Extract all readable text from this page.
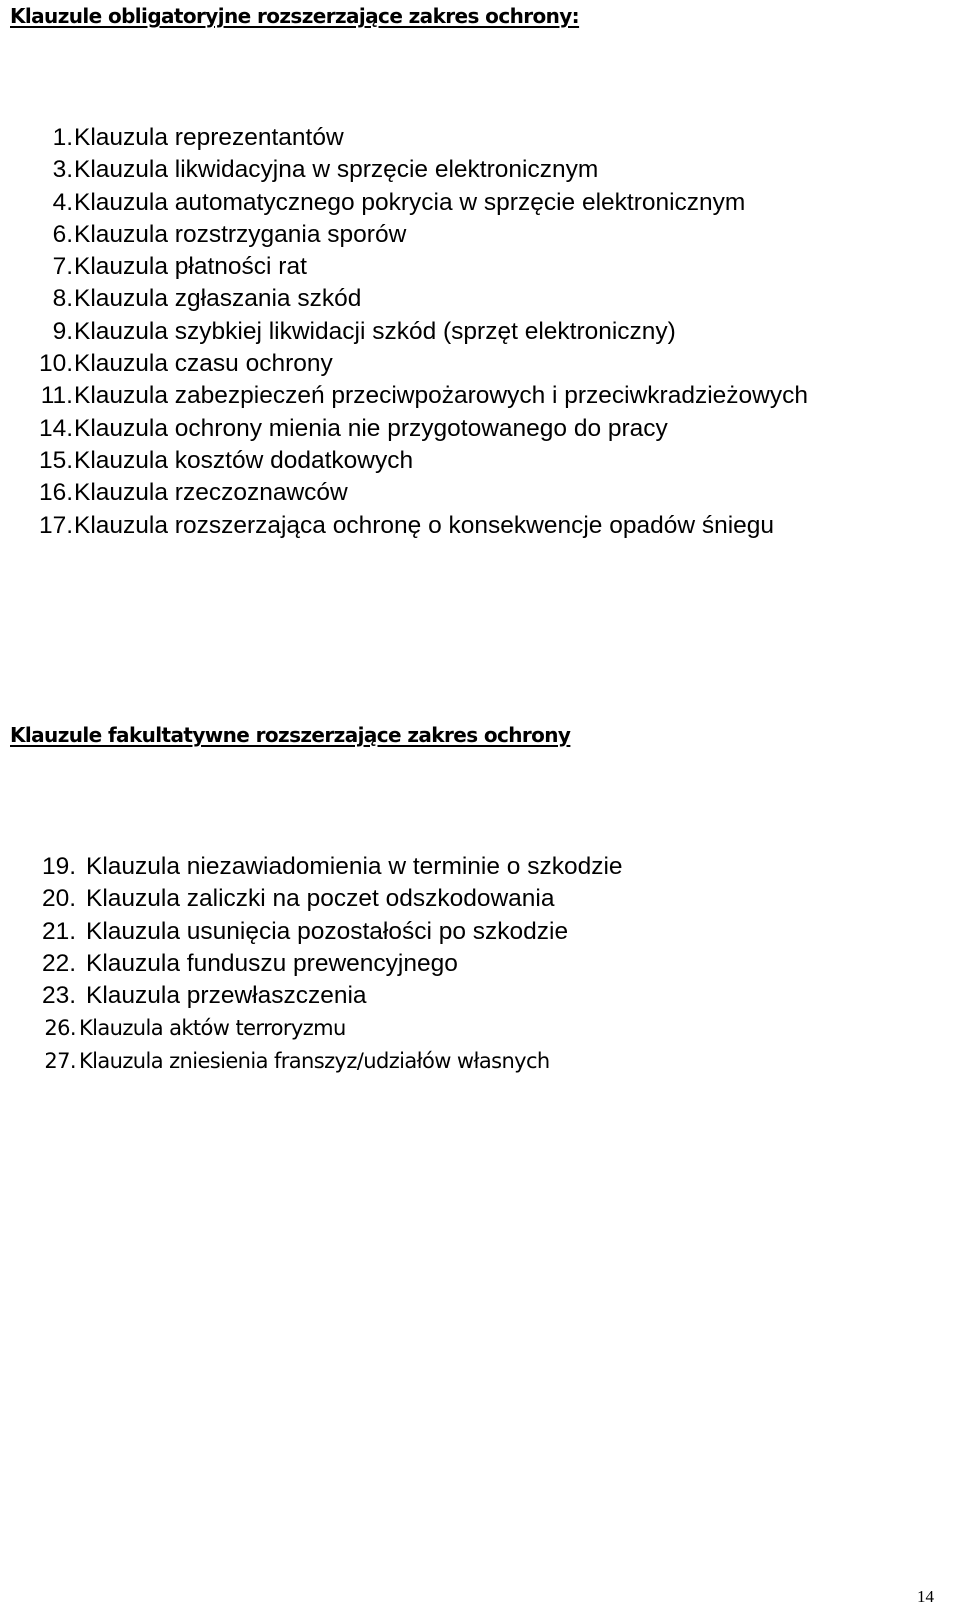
Klauzule obligatoryjne rozszerzające zakres ochrony:
1. Klauzula reprezentantów
3. Klauzula likwidacyjna w sprzęcie elektronicznym
4. Klauzula automatycznego pokrycia w sprzęcie elektronicznym
6. Klauzula rozstrzygania sporów
7. Klauzula płatności rat
8. Klauzula zgłaszania szkód
9. Klauzula szybkiej likwidacji szkód (sprzęt elektroniczny)
10. Klauzula czasu ochrony
11. Klauzula zabezpieczeń przeciwpożarowych i przeciwkradzieżowych
14. Klauzula ochrony mienia nie przygotowanego do pracy
15. Klauzula kosztów dodatkowych
16. Klauzula rzeczoznawców
17. Klauzula rozszerzająca ochronę o konsekwencje opadów śniegu
Klauzule fakultatywne rozszerzające zakres ochrony
19. Klauzula niezawiadomienia w terminie o szkodzie
20. Klauzula zaliczki na poczet odszkodowania
21. Klauzula usunięcia pozostałości po szkodzie
22. Klauzula funduszu prewencyjnego
23. Klauzula przewłaszczenia
26. Klauzula aktów terroryzmu
27. Klauzula zniesienia franszyz/udziałów własnych
14
